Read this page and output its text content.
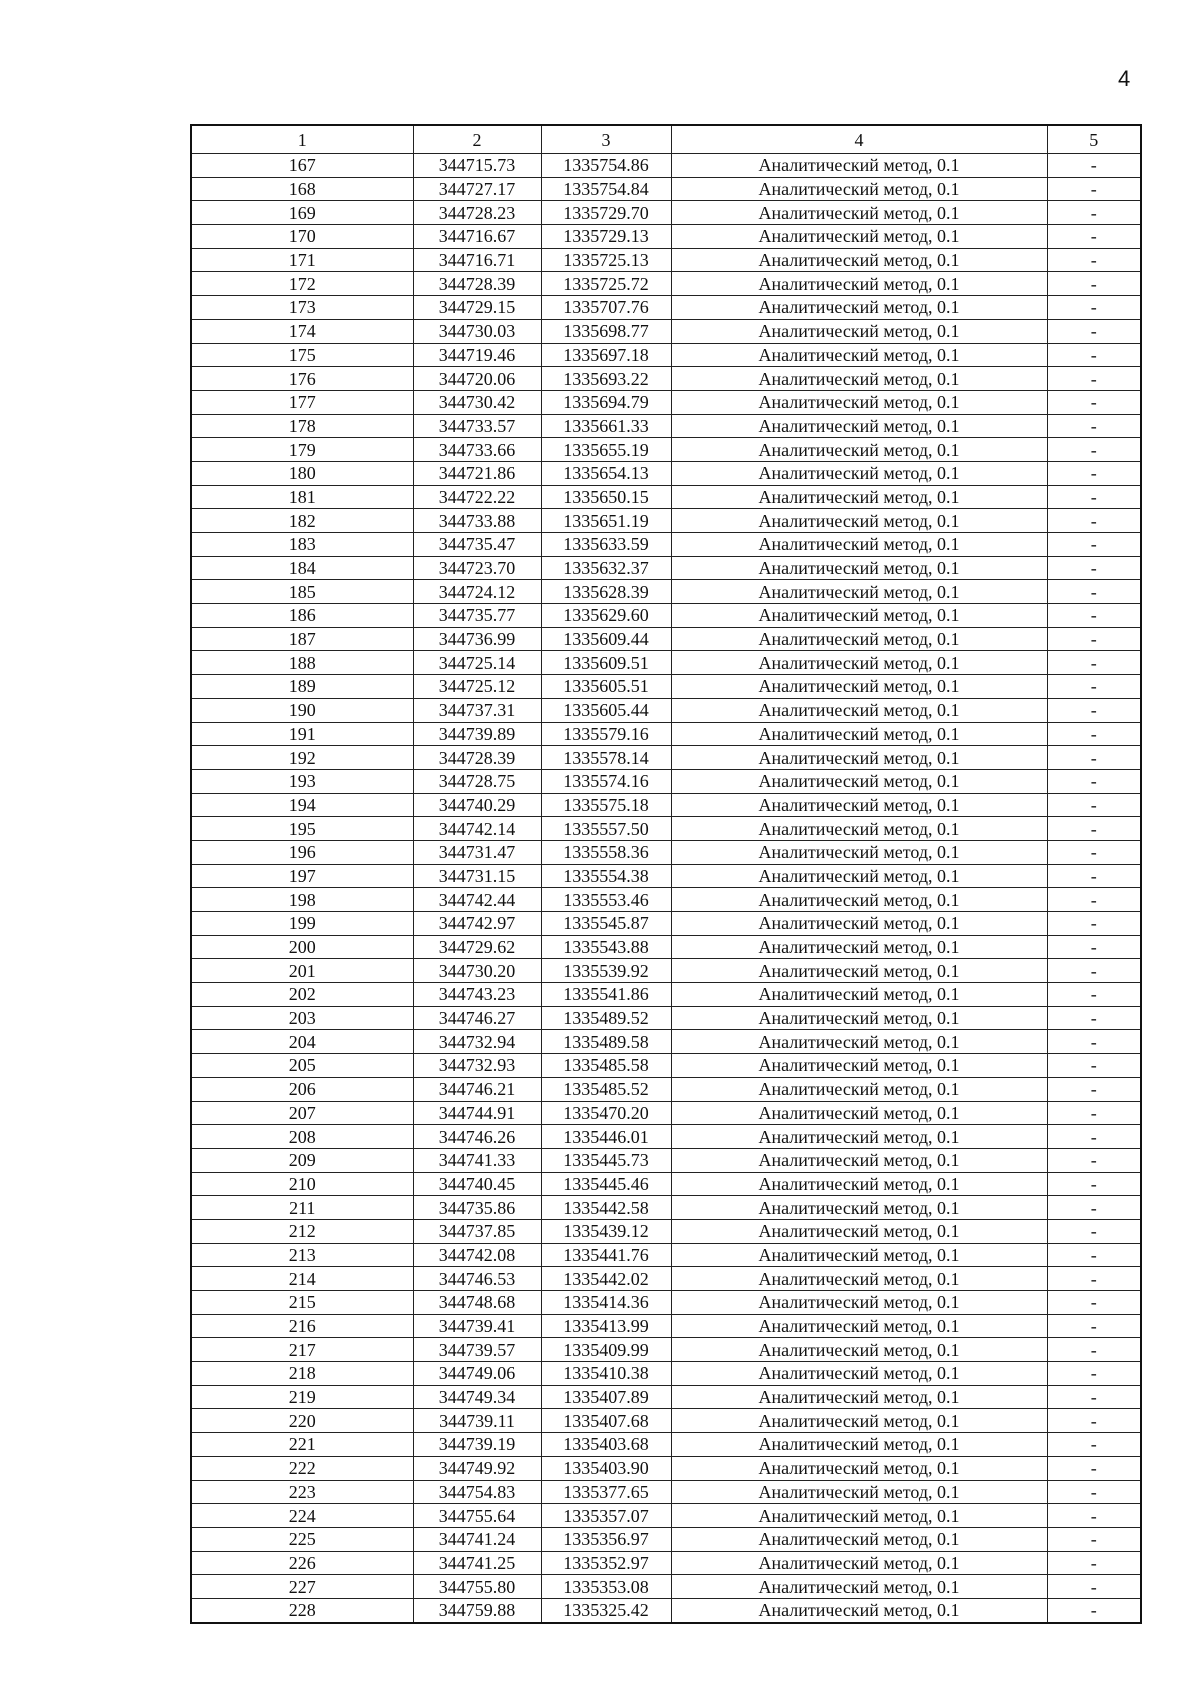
4
1	2	3	4	5
167	344715.73	1335754.86	Аналитический метод, 0.1	-
168	344727.17	1335754.84	Аналитический метод, 0.1	-
169	344728.23	1335729.70	Аналитический метод, 0.1	-
170	344716.67	1335729.13	Аналитический метод, 0.1	-
171	344716.71	1335725.13	Аналитический метод, 0.1	-
172	344728.39	1335725.72	Аналитический метод, 0.1	-
173	344729.15	1335707.76	Аналитический метод, 0.1	-
174	344730.03	1335698.77	Аналитический метод, 0.1	-
175	344719.46	1335697.18	Аналитический метод, 0.1	-
176	344720.06	1335693.22	Аналитический метод, 0.1	-
177	344730.42	1335694.79	Аналитический метод, 0.1	-
178	344733.57	1335661.33	Аналитический метод, 0.1	-
179	344733.66	1335655.19	Аналитический метод, 0.1	-
180	344721.86	1335654.13	Аналитический метод, 0.1	-
181	344722.22	1335650.15	Аналитический метод, 0.1	-
182	344733.88	1335651.19	Аналитический метод, 0.1	-
183	344735.47	1335633.59	Аналитический метод, 0.1	-
184	344723.70	1335632.37	Аналитический метод, 0.1	-
185	344724.12	1335628.39	Аналитический метод, 0.1	-
186	344735.77	1335629.60	Аналитический метод, 0.1	-
187	344736.99	1335609.44	Аналитический метод, 0.1	-
188	344725.14	1335609.51	Аналитический метод, 0.1	-
189	344725.12	1335605.51	Аналитический метод, 0.1	-
190	344737.31	1335605.44	Аналитический метод, 0.1	-
191	344739.89	1335579.16	Аналитический метод, 0.1	-
192	344728.39	1335578.14	Аналитический метод, 0.1	-
193	344728.75	1335574.16	Аналитический метод, 0.1	-
194	344740.29	1335575.18	Аналитический метод, 0.1	-
195	344742.14	1335557.50	Аналитический метод, 0.1	-
196	344731.47	1335558.36	Аналитический метод, 0.1	-
197	344731.15	1335554.38	Аналитический метод, 0.1	-
198	344742.44	1335553.46	Аналитический метод, 0.1	-
199	344742.97	1335545.87	Аналитический метод, 0.1	-
200	344729.62	1335543.88	Аналитический метод, 0.1	-
201	344730.20	1335539.92	Аналитический метод, 0.1	-
202	344743.23	1335541.86	Аналитический метод, 0.1	-
203	344746.27	1335489.52	Аналитический метод, 0.1	-
204	344732.94	1335489.58	Аналитический метод, 0.1	-
205	344732.93	1335485.58	Аналитический метод, 0.1	-
206	344746.21	1335485.52	Аналитический метод, 0.1	-
207	344744.91	1335470.20	Аналитический метод, 0.1	-
208	344746.26	1335446.01	Аналитический метод, 0.1	-
209	344741.33	1335445.73	Аналитический метод, 0.1	-
210	344740.45	1335445.46	Аналитический метод, 0.1	-
211	344735.86	1335442.58	Аналитический метод, 0.1	-
212	344737.85	1335439.12	Аналитический метод, 0.1	-
213	344742.08	1335441.76	Аналитический метод, 0.1	-
214	344746.53	1335442.02	Аналитический метод, 0.1	-
215	344748.68	1335414.36	Аналитический метод, 0.1	-
216	344739.41	1335413.99	Аналитический метод, 0.1	-
217	344739.57	1335409.99	Аналитический метод, 0.1	-
218	344749.06	1335410.38	Аналитический метод, 0.1	-
219	344749.34	1335407.89	Аналитический метод, 0.1	-
220	344739.11	1335407.68	Аналитический метод, 0.1	-
221	344739.19	1335403.68	Аналитический метод, 0.1	-
222	344749.92	1335403.90	Аналитический метод, 0.1	-
223	344754.83	1335377.65	Аналитический метод, 0.1	-
224	344755.64	1335357.07	Аналитический метод, 0.1	-
225	344741.24	1335356.97	Аналитический метод, 0.1	-
226	344741.25	1335352.97	Аналитический метод, 0.1	-
227	344755.80	1335353.08	Аналитический метод, 0.1	-
228	344759.88	1335325.42	Аналитический метод, 0.1	-
